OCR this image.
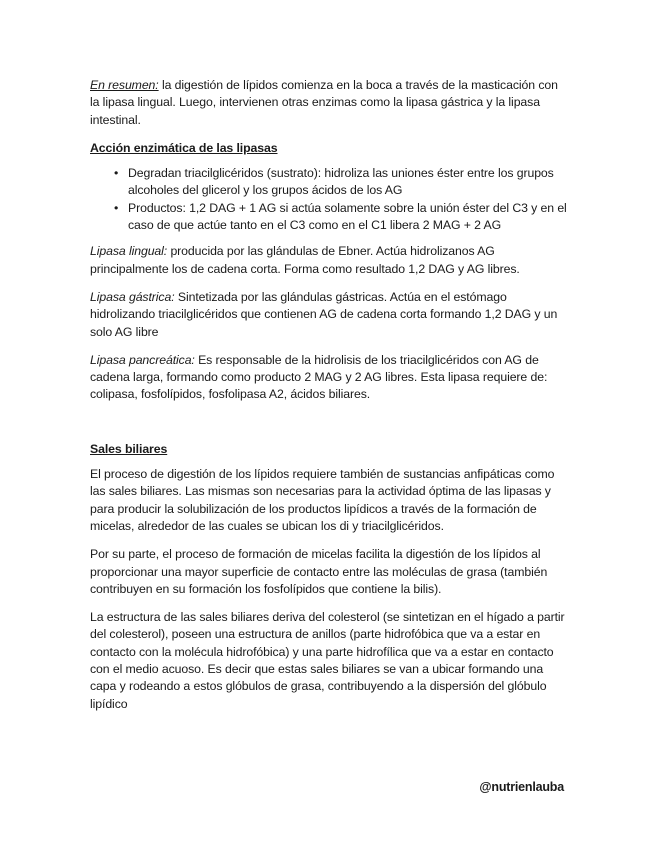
En resumen: la digestión de lípidos comienza en la boca a través de la masticación con la lipasa lingual. Luego, intervienen otras enzimas como la lipasa gástrica y la lipasa intestinal.

Acción enzimática de las lipasas

• Degradan triacilglicéridos (sustrato): hidroliza las uniones éster entre los grupos alcoholes del glicerol y los grupos ácidos de los AG
• Productos: 1,2 DAG + 1 AG si actúa solamente sobre la unión éster del C3 y en el caso de que actúe tanto en el C3 como en el C1 libera 2 MAG + 2 AG

Lipasa lingual: producida por las glándulas de Ebner. Actúa hidrolizanos AG principalmente los de cadena corta. Forma como resultado 1,2 DAG y AG libres.

Lipasa gástrica: Sintetizada por las glándulas gástricas. Actúa en el estómago hidrolizando triacilglicéridos que contienen AG de cadena corta formando 1,2 DAG y un solo AG libre

Lipasa pancreática: Es responsable de la hidrolisis de los triacilglicéridos con AG de cadena larga, formando como producto 2 MAG y 2 AG libres. Esta lipasa requiere de: colipasa, fosfolípidos, fosfolipasa A2, ácidos biliares.

Sales biliares

El proceso de digestión de los lípidos requiere también de sustancias anfipáticas como las sales biliares. Las mismas son necesarias para la actividad óptima de las lipasas y para producir la solubilización de los productos lipídicos a través de la formación de micelas, alrededor de las cuales se ubican los di y triacilglicéridos.

Por su parte, el proceso de formación de micelas facilita la digestión de los lípidos al proporcionar una mayor superficie de contacto entre las moléculas de grasa (también contribuyen en su formación los fosfolípidos que contiene la bilis).

La estructura de las sales biliares deriva del colesterol (se sintetizan en el hígado a partir del colesterol), poseen una estructura de anillos (parte hidrofóbica que va a estar en contacto con la molécula hidrofóbica) y una parte hidrofílica que va a estar en contacto con el medio acuoso. Es decir que estas sales biliares se van a ubicar formando una capa y rodeando a estos glóbulos de grasa, contribuyendo a la dispersión del glóbulo lipídico

@nutrienlauba
